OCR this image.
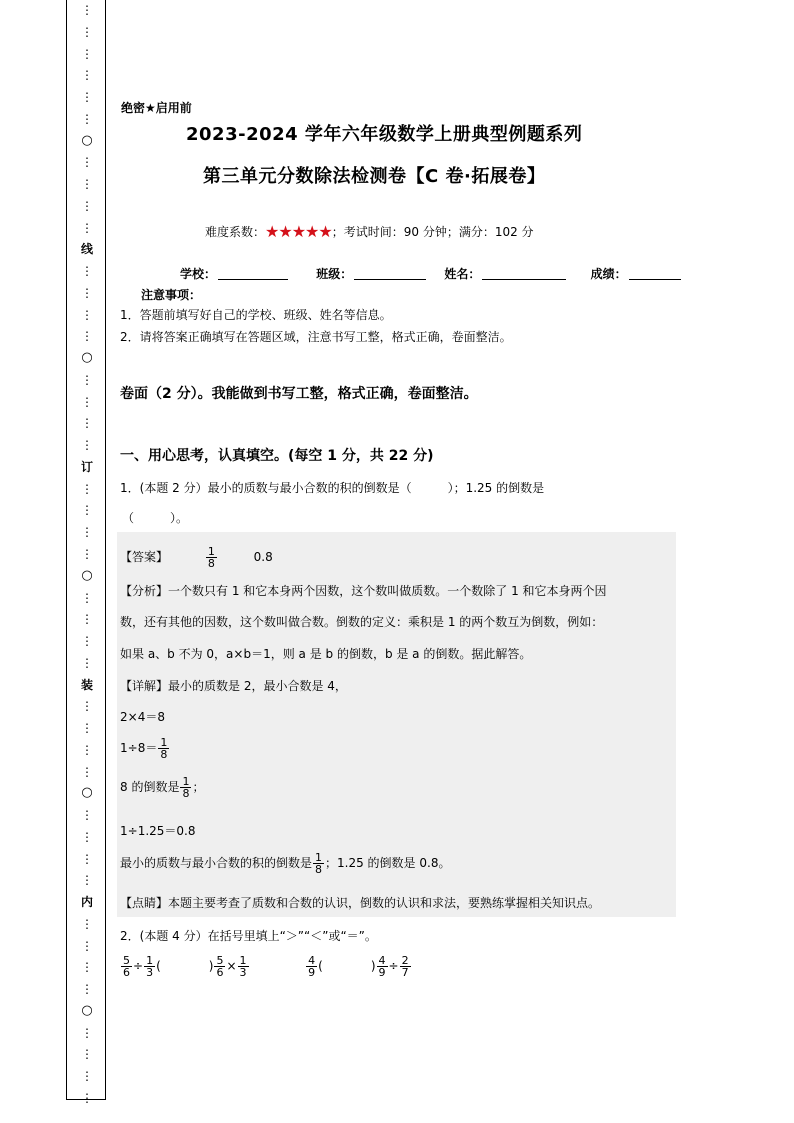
⋮
⋮
⋮
⋮
⋮
⋮
○
⋮
⋮
⋮
⋮
线
⋮
⋮
⋮
⋮
○
⋮
⋮
⋮
⋮
订
⋮
⋮
⋮
⋮
○
⋮
⋮
⋮
⋮
装
⋮
⋮
⋮
⋮
○
⋮
⋮
⋮
⋮
内
⋮
⋮
⋮
⋮
○
⋮
⋮
⋮
⋮
绝密★启用前
2023-2024 学年六年级数学上册典型例题系列
第三单元分数除法检测卷【C 卷·拓展卷】
难度系数：★★★★★；考试时间：90 分钟；满分：102 分
学校：	班级：	姓名：	成绩：
注意事项：
1．答题前填写好自己的学校、班级、姓名等信息。
2．请将答案正确填写在答题区域，注意书写工整，格式正确，卷面整洁。
卷面（2 分）。我能做到书写工整，格式正确，卷面整洁。
一、用心思考，认真填空。(每空 1 分，共 22 分)
1．(本题 2 分）最小的质数与最小合数的积的倒数是（　　　）；1.25 的倒数是
（　　　）。
【答案】	$\frac{1}{8}$	0.8
【分析】一个数只有 1 和它本身两个因数，这个数叫做质数。一个数除了 1 和它本身两个因
数，还有其他的因数，这个数叫做合数。倒数的定义：乘积是 1 的两个数互为倒数，例如：
如果 a、b 不为 0，a×b＝1，则 a 是 b 的倒数，b 是 a 的倒数。据此解答。
【详解】最小的质数是 2，最小合数是 4，
2×4＝8
$1\div 8= \frac{1}{8}$
8 的倒数是 $\frac{1}{8}$ ；
1÷1.25＝0.8
最小的质数与最小合数的积的倒数是 $\frac{1}{8}$ ；1.25 的倒数是 0.8。
【点睛】本题主要考查了质数和合数的认识，倒数的认识和求法，要熟练掌握相关知识点。
2．(本题 4 分）在括号里填上“＞”“＜”或“＝”。
$\frac{5}{6} \div \frac{1}{3}$ (　　　　) $\frac{5}{6} \times \frac{1}{3}$
	$\frac{4}{9}$ (　　　　) $\frac{4}{9} \div \frac{2}{7}$
